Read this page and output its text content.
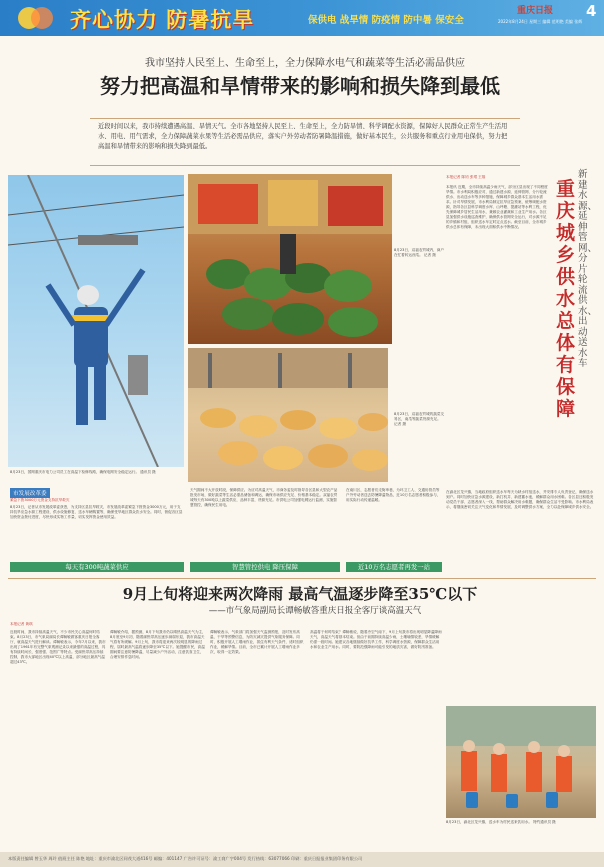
齐心协力 防暑抗旱	保供电 战旱情 防疫情 防中暑 保安全
重庆日报 4
2022年8月24日 星期三 编辑 范明艳 美编 张辉
我市坚持人民至上、生命至上，全力保障水电气和蔬菜等生活必需品供应
努力把高温和旱情带来的影响和损失降到最低
近段时间以来，我市持续遭遇高温、旱情天气。全市各地坚持人民至上、生命至上，全力防旱情、科学调配水资源，保障好人民群众正常生产生活用水、用电、用气需求，全力保障蔬菜水果等生活必需品供应，落实户外劳动者防暑降温措施，做好基本民生，公共服务和重点行业用电保供，努力把高温和旱情带来的影响和损失降到最低。
8月23日，国网重庆市电力公司员工在高温下检修线路，确保电网安全稳定运行。 通讯员 摄
8月23日，双福农贸城内，商户在忙着转运西瓜。 记者 摄
8月23日，双福农贸城的蔬菜交易区，南瓜等蔬菜货源充足。记者 摄
本报记者 陈钧 张珺 王翔
本报讯 近期，全市持续高温少雨天气，部分区县出现了不同程度旱情。市水利局积极应对，通过新建水源、延伸管网、分片轮流供水、出动送水车等多种措施，保障城乡群众基本生活用水需求。针对旱情发展，市水利局制定抗旱应急预案，统筹调配水资源，指导各区县科学调度水库、山坪塘、提灌站等水利工程，优先保障城乡居民生活用水，兼顾农业灌溉和工业生产用水。各区县加强供水设施巡查维护，确保供水管网安全运行，对水源不足的乡镇和村组，组织送水车定时定点送水。截至目前，全市城乡供水总体有保障，未出现大面积供水中断情况。
重庆城乡供水总体有保障
新建水源、延伸管网、分片轮流供水、出动送水车
在渝北区龙兴镇，当地政府组织送水车每天为缺水村组送水，并安排专人负责登记，确保送水到户。同时加快应急水源建设，新打机井、新建蓄水池，缓解群众用水困难。各区县还积极发动党员干部、志愿者深入一线，帮助群众解决用水难题，确保群众生活不受影响。市水利局表示，将继续密切关注天气变化和旱情发展，及时调整供水方案，全力以赴保障城乡供水安全。
市发展改革委
紧急下拨3000万元资金支持抗旱救灾
8月23日，记者从市发展改革委获悉，为支持区县抗旱救灾，市发展改革委紧急下拨资金3000万元，用于支持抗旱应急水源工程建设、供水设施修复、送水车辆购置等，确保受旱地区群众饮水安全。同时，督促各区县加快资金拨付进度，尽快形成实物工作量，切实发挥资金使用效益。
天气期间不大开放时段，保障供应。为应对高温天气，市商务委及时指导各区县和大型农产品批发市场，做好蔬菜等生活必需品储备和调运，确保市场供应充足、价格基本稳定。双福农贸城每天有300吨以上蔬菜供应，品种丰富，货源充足。市供电公司加强电网运行监测，实施智慧管控，确保民生用电。
在南川区，志愿者们走街串巷，为环卫工人、交通协管员等户外劳动者送去防暑降温物品，近10万名志愿者积极参与，用实际行动传递温暖。
每天有300吨蔬菜供应	智慧管控供电 降压保障	近10万名志愿者再发一站
9月上旬将迎来两次降雨 最高气温逐步降至35℃以下
——市气象局副局长谭畅敏答重庆日报全客厅谈高温天气
本报记者 黄琪
近段时间，我市持续高温天气，不少市民关心高温何时结束。8月23日，市气象局副局长谭畅敏做客重庆日报全客厅，就高温天气进行解读。谭畅敏表示，今年7月以来，我市出现了1961年有完整气象观测记录以来最强的高温过程，具有持续时间长、强度强、范围广等特点。受副热带高压持续控制，我市大部地区出现40℃以上高温，部分地区最高气温超过43℃。
谭畅敏介绍，据预测，8月下旬我市仍以晴热高温天气为主，8月底至9月初，随着副热带高压逐步减弱东退，我市高温天气将有所缓解。9月上旬，我市将迎来两次较明显的降雨过程，届时最高气温将逐步降至35℃以下。她提醒市民，高温期间要注意防暑降温，尽量减少户外活动，注意饮食卫生，合理安排作息时间。
谭畅敏表示，气象部门将加强天气监测预报，及时发布高温、干旱等预警信息，为防灾减灾提供气象服务保障。同时，积极开展人工增雨作业，抓住有利天气条件，适时组织作业，缓解旱情。目前，全市已累计开展人工增雨作业多次，取得一定效果。
高温将于何时结束？谭畅敏说，随着冷空气南下，9月上旬我市将出现明显降温降雨天气，高温天气将基本结束。但由于前期持续高温少雨，土壤墒情较差，旱情缓解仍需一段时间。她建议各地继续做好抗旱工作，科学调度水资源，保障群众生活用水和农业生产用水。同时，要防范强降雨可能引发的地质灾害，做好防汛准备。
8月23日，渝北区龙兴镇，送水车为村民送来饮用水。 特约通讯员 摄
本版责任编辑 曾玉华 周玲 值班主任 陈艳 地址：重庆市渝北区同茂大道416号 邮编：401147 广告许可证号：渝工商广字004号 发行热线：63077066 印刷：重庆日报报业集团印务有限公司
